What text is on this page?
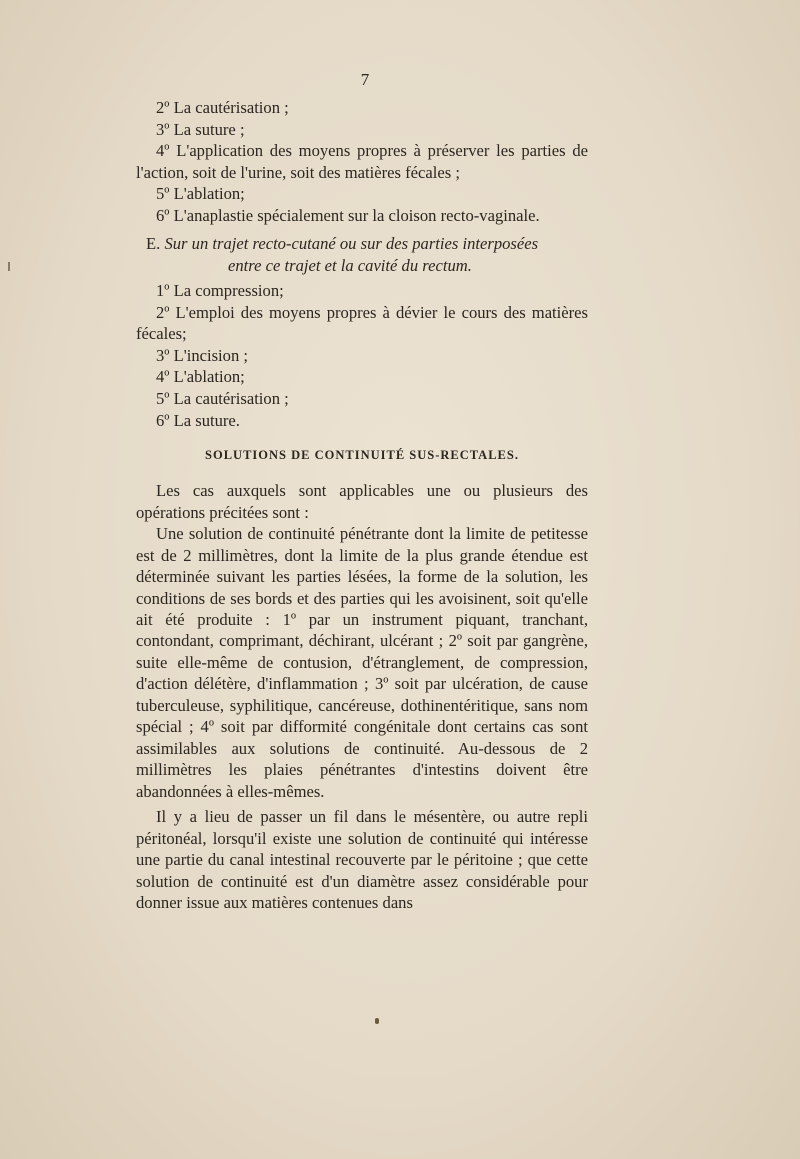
7
2º La cautérisation ;
3º La suture ;
4º L'application des moyens propres à préserver les parties de l'action, soit de l'urine, soit des matières fécales ;
5º L'ablation;
6º L'anaplastie spécialement sur la cloison recto-vaginale.
E. Sur un trajet recto-cutané ou sur des parties interposées
entre ce trajet et la cavité du rectum.
1º La compression;
2º L'emploi des moyens propres à dévier le cours des matières fécales;
3º L'incision ;
4º L'ablation;
5º La cautérisation ;
6º La suture.
SOLUTIONS DE CONTINUITÉ SUS-RECTALES.
Les cas auxquels sont applicables une ou plusieurs des opérations précitées sont :
Une solution de continuité pénétrante dont la limite de petitesse est de 2 millimètres, dont la limite de la plus grande étendue est déterminée suivant les parties lésées, la forme de la solution, les conditions de ses bords et des parties qui les avoisinent, soit qu'elle ait été produite : 1º par un instrument piquant, tranchant, contondant, comprimant, déchirant, ulcérant ; 2º soit par gangrène, suite elle-même de contusion, d'étranglement, de compression, d'action délétère, d'inflammation ; 3º soit par ulcération, de cause tuberculeuse, syphilitique, cancéreuse, dothinentéritique, sans nom spécial ; 4º soit par difformité congénitale dont certains cas sont assimilables aux solutions de continuité. Au-dessous de 2 millimètres les plaies pénétrantes d'intestins doivent être abandonnées à elles-mêmes.
Il y a lieu de passer un fil dans le mésentère, ou autre repli péritonéal, lorsqu'il existe une solution de continuité qui intéresse une partie du canal intestinal recouverte par le péritoine ; que cette solution de continuité est d'un diamètre assez considérable pour donner issue aux matières contenues dans
